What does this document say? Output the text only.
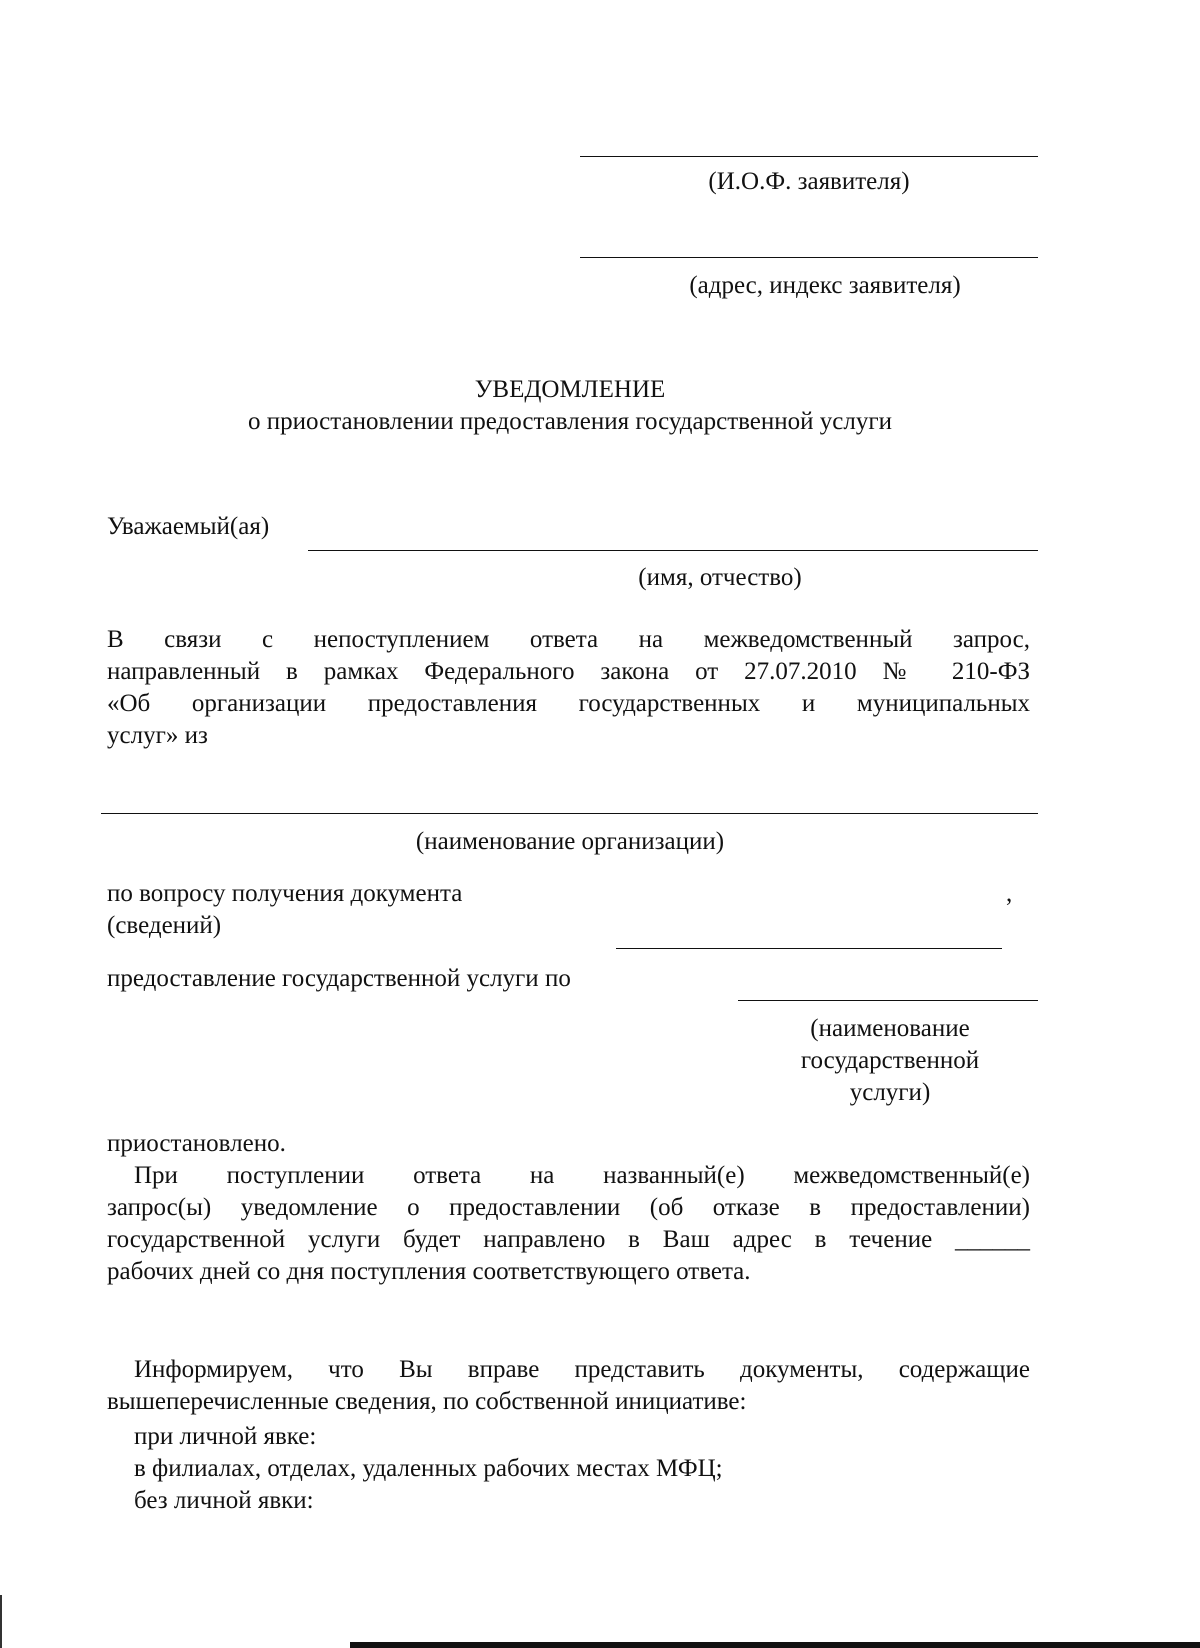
(И.О.Ф. заявителя)
(адрес, индекс заявителя)
УВЕДОМЛЕНИЕ
о приостановлении предоставления государственной услуги
Уважаемый(ая)
(имя, отчество)
В связи с непоступлением ответа на межведомственный запрос,
направленный в рамках Федерального закона от 27.07.2010 № 210-ФЗ
«Об организации предоставления государственных и муниципальных
услуг» из
(наименование организации)
по вопросу получения документа	,
(сведений)
предоставление государственной услуги по
(наименование
государственной
услуги)
приостановлено.
При поступлении ответа на названный(е) межведомственный(е)
запрос(ы) уведомление о предоставлении (об отказе в предоставлении)
государственной услуги будет направлено в Ваш адрес в течение ______
рабочих дней со дня поступления соответствующего ответа.
Информируем, что Вы вправе представить документы, содержащие
вышеперечисленные сведения, по собственной инициативе:
при личной явке:
в филиалах, отделах, удаленных рабочих местах МФЦ;
без личной явки:
